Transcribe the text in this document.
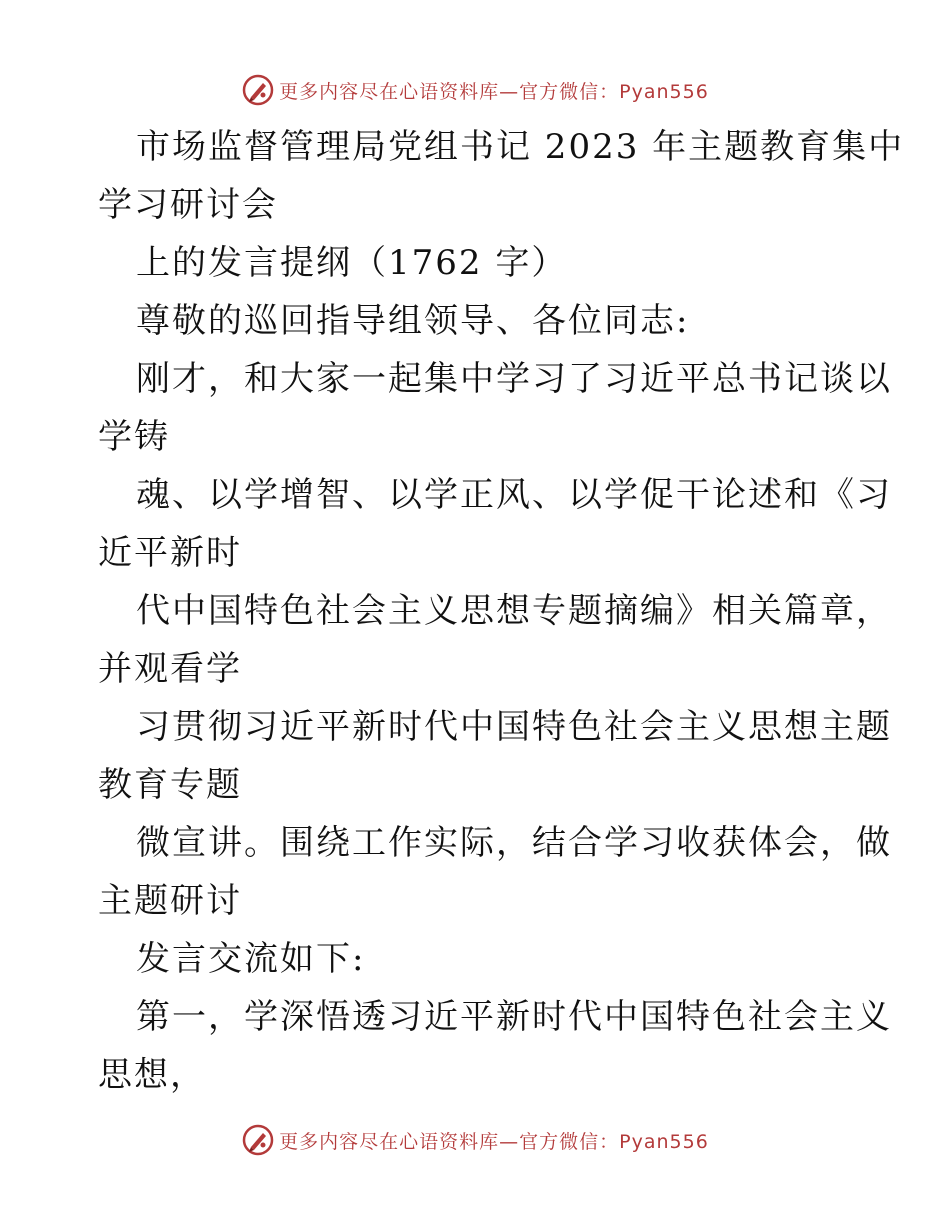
更多内容尽在心语资料库—官方微信：Pyan556
市场监督管理局党组书记 2023 年主题教育集中
学习研讨会
上的发言提纲（1762 字）
尊敬的巡回指导组领导、各位同志:
刚才，和大家一起集中学习了习近平总书记谈以
学铸
魂、以学增智、以学正风、以学促干论述和《习
近平新时
代中国特色社会主义思想专题摘编》相关篇章，
并观看学
习贯彻习近平新时代中国特色社会主义思想主题
教育专题
微宣讲。围绕工作实际，结合学习收获体会，做
主题研讨
发言交流如下:
第一，学深悟透习近平新时代中国特色社会主义
思想，
更多内容尽在心语资料库—官方微信：Pyan556
